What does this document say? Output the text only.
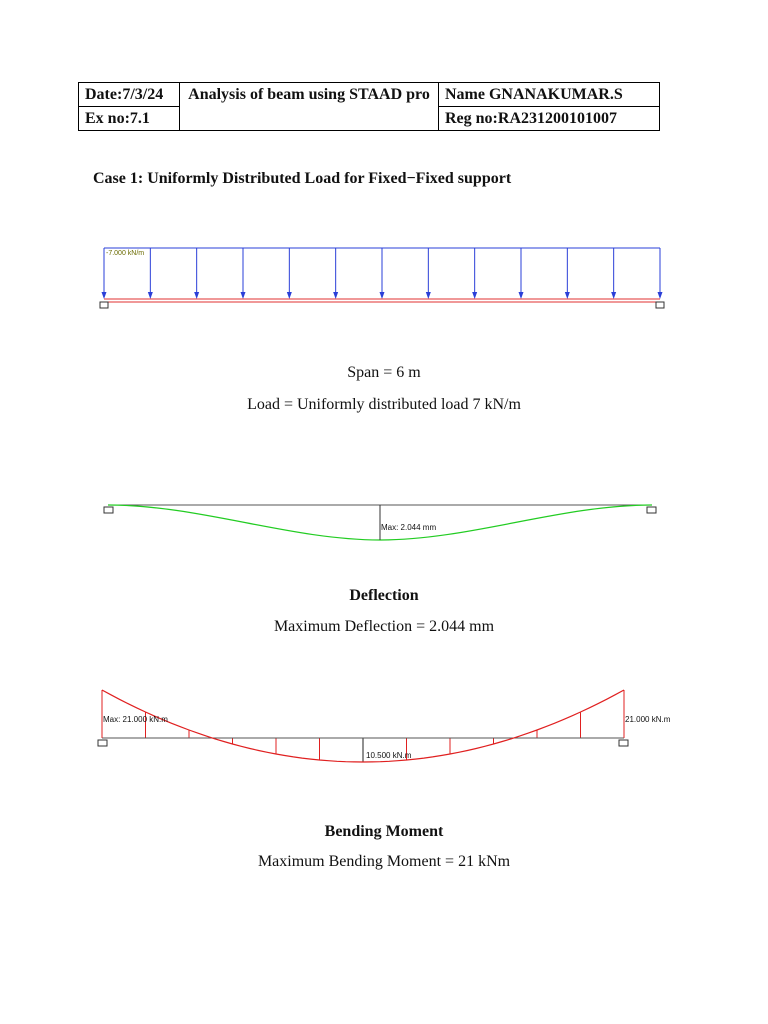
Date:7/3/24	Analysis of beam using STAAD pro	Name GNANAKUMAR.S
Ex no:7.1		Reg no:RA231200101007
Case 1: Uniformly Distributed Load for Fixed−Fixed support
-7.000 kN/m
Span = 6 m
Load = Uniformly distributed load 7 kN/m
Max: 2.044 mm
Deflection
Maximum Deflection = 2.044 mm
Max: 21.000 kN.m	21.000 kN.m
10.500 kN.m
Bending Moment
Maximum Bending Moment = 21 kNm
